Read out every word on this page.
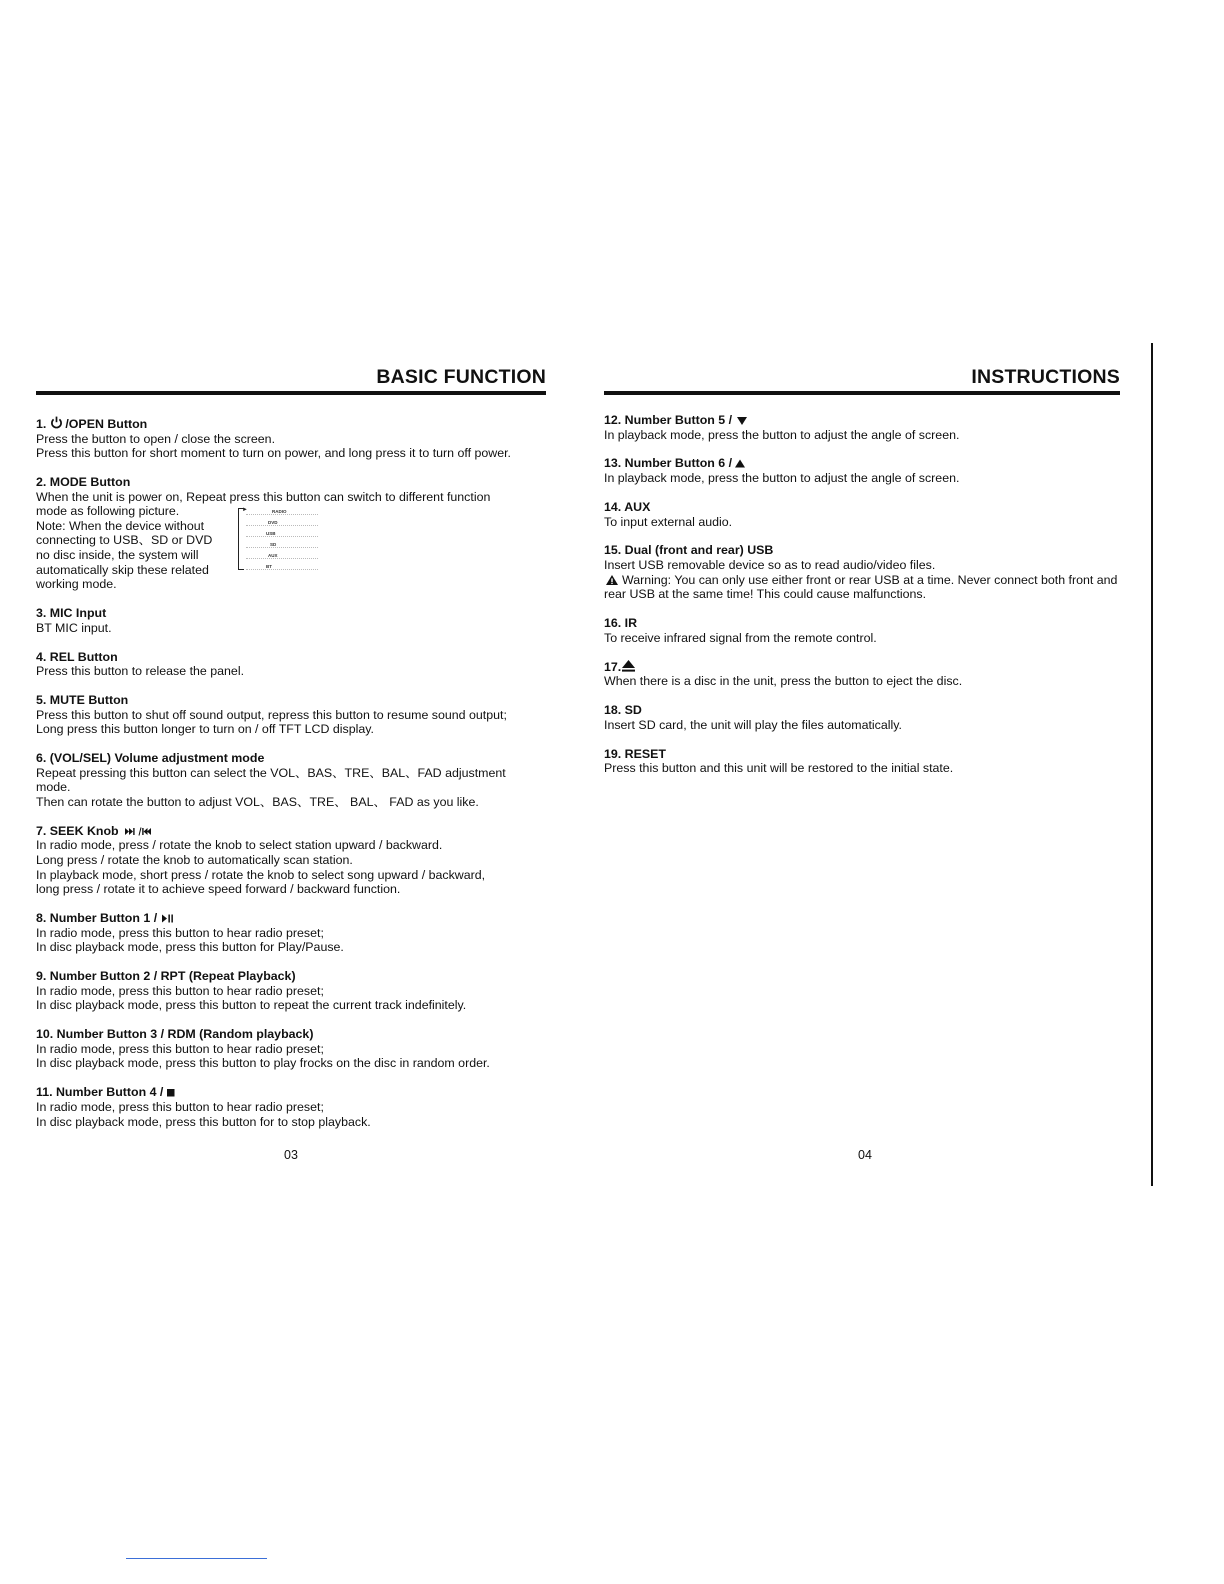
BASIC FUNCTION
1. /OPEN Button
Press the button to open / close the screen.
Press this button for short moment to turn on power, and long press it to turn off power.
2. MODE Button
When the unit is power on, Repeat press this button can switch to different function
mode as following picture.
Note: When the device without
connecting to USB、SD or DVD
no disc inside, the system will
automatically skip these related
working mode.
►	RADIO
DVD
USB
SD
AUX
BT
3. MIC Input
BT MIC input.
4. REL Button
Press this button to release the panel.
5. MUTE Button
Press this button to shut off sound output, repress this button to resume sound output;
Long press this button longer to turn on / off TFT LCD display.
6. (VOL/SEL) Volume adjustment mode
Repeat pressing this button can select the VOL、BAS、TRE、BAL、FAD adjustment
mode.
Then can rotate the button to adjust VOL、BAS、TRE、 BAL、 FAD as you like.
7. SEEK Knob
In radio mode, press / rotate the knob to select station upward / backward.
Long press / rotate the knob to automatically scan station.
In playback mode, short press / rotate the knob to select song upward / backward,
long press / rotate it to achieve speed forward / backward function.
8. Number Button 1 /
In radio mode, press this button to hear radio preset;
In disc playback mode, press this button for Play/Pause.
9. Number Button 2 / RPT (Repeat Playback)
In radio mode, press this button to hear radio preset;
In disc playback mode, press this button to repeat the current track indefinitely.
10. Number Button 3 / RDM (Random playback)
In radio mode, press this button to hear radio preset;
In disc playback mode, press this button to play frocks on the disc in random order.
11. Number Button 4 /
In radio mode, press this button to hear radio preset;
In disc playback mode, press this button for to stop playback.
03
INSTRUCTIONS
12. Number Button 5 /
In playback mode, press the button to adjust the angle of screen.
13. Number Button 6 /
In playback mode, press the button to adjust the angle of screen.
14. AUX
To input external audio.
15. Dual (front and rear) USB
Insert USB removable device so as to read audio/video files.
Warning: You can only use either front or rear USB at a time. Never connect both front and rear USB at the same time! This could cause malfunctions.
16. IR
To receive infrared signal from the remote control.
17.
When there is a disc in the unit, press the button to eject the disc.
18. SD
Insert SD card, the unit will play the files automatically.
19. RESET
Press this button and this unit will be restored to the initial state.
04
